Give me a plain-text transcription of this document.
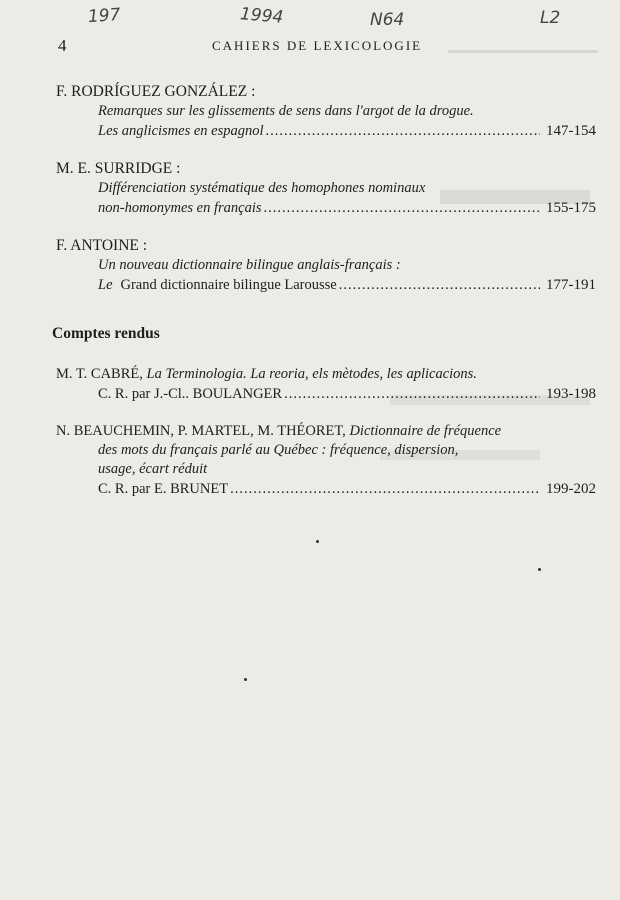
197	1994	N64	L2
4	CAHIERS DE LEXICOLOGIE

F. RODRÍGUEZ GONZÁLEZ :

Remarques sur les glissements de sens dans l'argot de la drogue.
Les anglicismes en espagnol .....	147-154

M. E. SURRIDGE :

Différenciation systématique des homophones nominaux
non-homonymes en français .....	155-175

F. ANTOINE :

Un nouveau dictionnaire bilingue anglais-français :
Le Grand dictionnaire bilingue Larousse .....	177-191
Comptes rendus
M. T. CABRÉ, La Terminologia. La reoria, els mètodes, les aplicacions.
C. R. par J.-Cl.. BOULANGER .....	193-198
N. BEAUCHEMIN, P. MARTEL, M. THÉORET, Dictionnaire de fréquence
des mots du français parlé au Québec : fréquence, dispersion,
usage, écart réduit
C. R. par E. BRUNET .....	199-202
